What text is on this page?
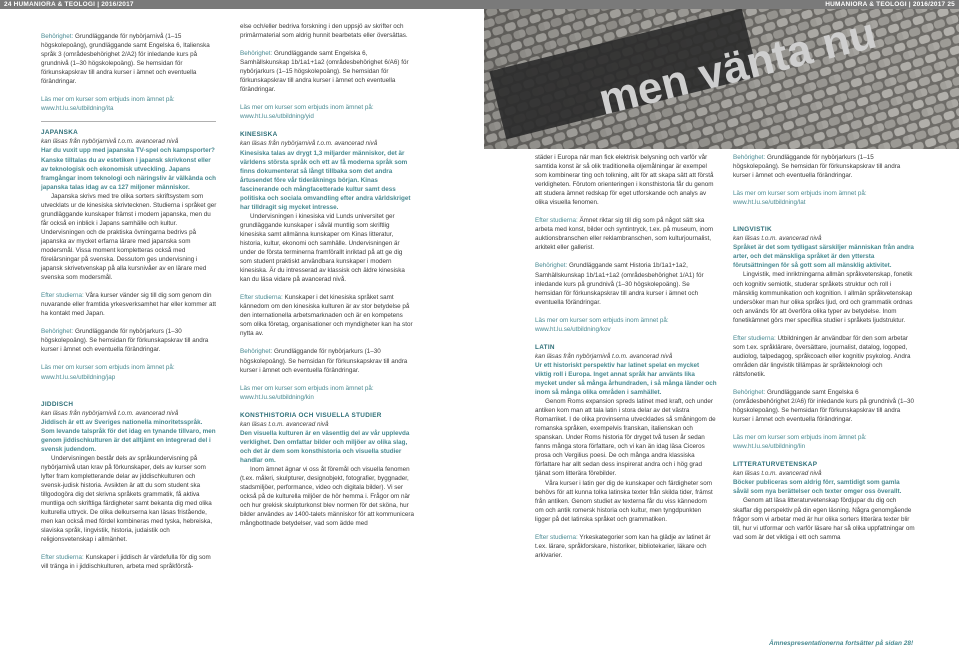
24 HUMANIORA & TEOLOGI | 2016/2017	HUMANIORA & TEOLOGI | 2016/2017 25
men vänta nu

Behörighet: Grundläggande för nybörjarnivå (1–15 högskolepoäng), grundläggande samt Engelska 6, Italienska språk 3 (områdesbehörighet 2/A2) för inledande kurs på grundnivå (1–30 högskolepoäng). Se hemsidan för förkunskapskrav till andra kurser i ämnet och eventuella förändringar.

Läs mer om kurser som erbjuds inom ämnet på:

www.ht.lu.se/utbildning/ita

JAPANSKA

kan läsas från nybörjarnivå t.o.m. avancerad nivå

Har du vuxit upp med japanska TV-spel och kampsporter? Kanske tilltalas du av estetiken i japansk skrivkonst eller av teknologisk och ekonomisk utveckling. Japans framgångar inom teknologi och näringsliv är välkända och japanska talas idag av ca 127 miljoner människor.

Japanska skrivs med tre olika sorters skriftsystem som utvecklats ur de kinesiska skrivtecknen. Studierna i språket ger grundläggande kunskaper främst i modern japanska, men du får också en inblick i Japans samhälle och kultur. Undervisningen och de praktiska övningarna bedrivs på japanska av mycket erfarna lärare med japanska som modersmål. Vissa moment kompletteras också med förelärsningar på svenska. Dessutom ges undervisning i japansk skrivetvenskap på alla kursnivåer av en lärare med svenska som modersmål.

Efter studierna: Våra kurser vänder sig till dig som genom din nuvarande eller framtida yrkesverksamhet har eller kommer att ha kontakt med Japan.

Behörighet: Grundläggande för nybörjarkurs (1–30 högskolepoäng). Se hemsidan för förkunskapskrav till andra kurser i ämnet och eventuella förändringar.

Läs mer om kurser som erbjuds inom ämnet på:

www.ht.lu.se/utbildning/jap

JIDDISCH

kan läsas från nybörjarnivå t.o.m. avancerad nivå

Jiddisch är ett av Sveriges nationella minoritetsspråk. Som levande talspråk för det idag en tynande tillvaro, men genom jiddischkulturen är det alltjämt en integrerad del i svensk judendom.

Undervisningen består dels av språkundervisning på nybörjarnivå utan krav på förkunskaper, dels av kurser som lyfter fram kompletterande delar av jiddischkulturen och svensk-judisk historia. Avsikten är att du som student ska tillgodogöra dig det skrivna språkets grammatik, få aktiva muntliga och skriftliga färdigheter samt bekanta dig med olika kulturella uttryck. De olika delkurserna kan läsas fristående, men kan också med fördel kombineras med tyska, hebreiska, slaviska språk, lingvistik, historia, judaistik och religionsvetenskap i allmänhet.

Efter studierna: Kunskaper i jiddisch är värdefulla för dig som vill tränga in i jiddischkulturen, arbeta med språkförstå-

else och/eller bedriva forskning i den uppsjö av skrifter och primärmaterial som aldrig hunnit bearbetats eller översättas.

Behörighet: Grundläggande samt Engelska 6, Samhällskunskap 1b/1a1+1a2 (områdesbehörighet 6/A6) för nybörjarkurs (1–15 högskolepoäng). Se hemsidan för förkunskapskrav till andra kurser i ämnet och eventuella förändringar.

Läs mer om kurser som erbjuds inom ämnet på:

www.ht.lu.se/utbildning/yid

KINESISKA

kan läsas från nybörjarnivå t.o.m. avancerad nivå

Kinesiska talas av drygt 1,3 miljarder människor, det är världens största språk och ett av få moderna språk som finns dokumenterat så långt tillbaka som det andra årtusendet före vår tideräknings början. Kinas fascinerande och mångfacetterade kultur samt dess politiska och sociala omvandling efter andra världskriget har tilldragit sig mycket intresse.

Undervisningen i kinesiska vid Lunds universitet ger grundläggande kunskaper i såväl muntlig som skriftlig kinesiska samt allmänna kunskaper om Kinas litteratur, historia, kultur, ekonomi och samhälle. Undervisningen är under de första terminerna framförallt inriktad på att ge dig som student praktiskt användbara kunskaper i modern kinesiska. Är du intresserad av klassisk och äldre kinesiska kan du läsa vidare på avancerad nivå.

Efter studierna: Kunskaper i det kinesiska språket samt kännedom om den kinesiska kulturen är av stor betydelse på den internationella arbetsmarknaden och är en kompetens som olika företag, organisationer och myndigheter kan ha stor nytta av.

Behörighet: Grundläggande för nybörjarkurs (1–30 högskolepoäng). Se hemsidan för förkunskapskrav till andra kurser i ämnet och eventuella förändringar.

Läs mer om kurser som erbjuds inom ämnet på:

www.ht.lu.se/utbildning/kin

KONSTHISTORIA OCH VISUELLA STUDIER

kan läsas t.o.m. avancerad nivå

Den visuella kulturen är en väsentlig del av vår upplevda verklighet. Den omfattar bilder och miljöer av olika slag, och det är dem som konsthistoria och visuella studier handlar om.

Inom ämnet ägnar vi oss åt föremål och visuella fenomen (t.ex. måleri, skulpturer, designobjekt, fotografier, byggnader, stadsmiljöer, performance, video och digitala bilder). Vi ser också på de kulturella miljöer de hör hemma i. Frågor om när och hur grekisk skulpturkonst blev normen för det sköna, hur bilder användes av 1400-talets människor för att kommunicera mångbottnade betydelser, vad som ädde med

städer i Europa när man fick elektrisk belysning och varför vår samtida konst är så olik traditionella oljemålningar är exempel som kombinerar ting och tolkning, allt för att skapa sätt att förstå verkligheten. Förutom orienteringen i konsthistoria får du genom att studera ämnet redskap för eget utforskande och analys av olika visuella fenomen.

Efter studierna: Ämnet riktar sig till dig som på något sätt ska arbeta med konst, bilder och syntintryck, t.ex. på museum, inom auktionsbranschen eller reklambranschen, som kulturjournalist, arkitekt eller gallerist.

Behörighet: Grundläggande samt Historia 1b/1a1+1a2, Samhällskunskap 1b/1a1+1a2 (områdesbehörighet 1/A1) för inledande kurs på grundnivå (1–30 högskolepoäng). Se hemsidan för förkunskapskrav till andra kurser i ämnet och eventuella förändringar.

Läs mer om kurser som erbjuds inom ämnet på:

www.ht.lu.se/utbildning/kov

LATIN

kan läsas från nybörjarnivå t.o.m. avancerad nivå

Ur ett historiskt perspektiv har latinet spelat en mycket viktig roll i Europa. Inget annat språk har använts lika mycket under så många århundraden, i så många länder och inom så många olika områden i samhället.

Genom Roms expansion spreds latinet med kraft, och under antiken kom man att tala latin i stora delar av det västra Romarriket. I de olika provinserna utvecklades så småningom de romanska språken, exempelvis franskan, italienskan och spanskan. Under Roms historia för dryget två tusen år sedan fanns många stora författare, och vi kan än idag läsa Ciceros prosa och Vergilius poesi. De och många andra klassiska författare har allt sedan dess inspirerat andra och i hög grad tjänat som litterära förebilder.

Våra kurser i latin ger dig de kunskaper och färdigheter som behövs för att kunna tolka latinska texter från skilda tider, främst från antiken. Genom studiet av texterna får du viss kännedom om och antik romersk historia och kultur, men tyngdpunkten ligger på det latinska språket och grammatiken.

Efter studierna: Yrkeskategorier som kan ha glädje av latinet är t.ex. lärare, språkforskare, historiker, bibliotekarier, läkare och arkivarier.

Behörighet: Grundläggande för nybörjarkurs (1–15 högskolepoäng). Se hemsidan för förkunskapskrav till andra kurser i ämnet och eventuella förändringar.

Läs mer om kurser som erbjuds inom ämnet på:

www.ht.lu.se/utbildning/lat

LINGVISTIK

kan läsas t.o.m. avancerad nivå

Språket är det som tydligast särskiljer människan från andra arter, och det mänskliga språket är den yttersta förutsättningen för så gott som all mänsklig aktivitet.

Lingvistik, med inriktningarna allmän språkvetenskap, fonetik och kognitiv semiotik, studerar språkets struktur och roll i mänsklig kommunikation och kognition. I allmän språkvetenskap undersöker man hur olika språks ljud, ord och grammatik ordnas och används för att överföra olika typer av betydelse. Inom fonetikämnet görs mer specifika studier i språkets ljudstruktur.

Efter studierna: Utbildningen är användbar för den som arbetar som t.ex. språklärare, översättare, journalist, datalog, logoped, audiolog, talpedagog, språkcoach eller kognitiv psykolog. Andra områden där lingvistik tillämpas är språkteknologi och rättsfonetik.

Behörighet: Grundläggande samt Engelska 6 (områdesbehörighet 2/A6) för inledande kurs på grundnivå (1–30 högskolepoäng). Se hemsidan för förkunskapskrav till andra kurser i ämnet och eventuella förändringar.

Läs mer om kurser som erbjuds inom ämnet på:

www.ht.lu.se/utbildning/lin

LITTERATURVETENSKAP

kan läsas t.o.m. avancerad nivå

Böcker publiceras som aldrig förr, samtidigt som gamla såväl som nya berättelser och texter omger oss överallt.

Genom att läsa litteraturvetenskap fördjupar du dig och skaffar dig perspektiv på din egen läsning. Några genomgående frågor som vi arbetar med är hur olika sorters litterära texter blir till, hur vi utformar och varför läsare har så olika uppfattningar om vad som är det viktiga i ett och samma

Ämnespresentationerna fortsätter på sidan 28!
